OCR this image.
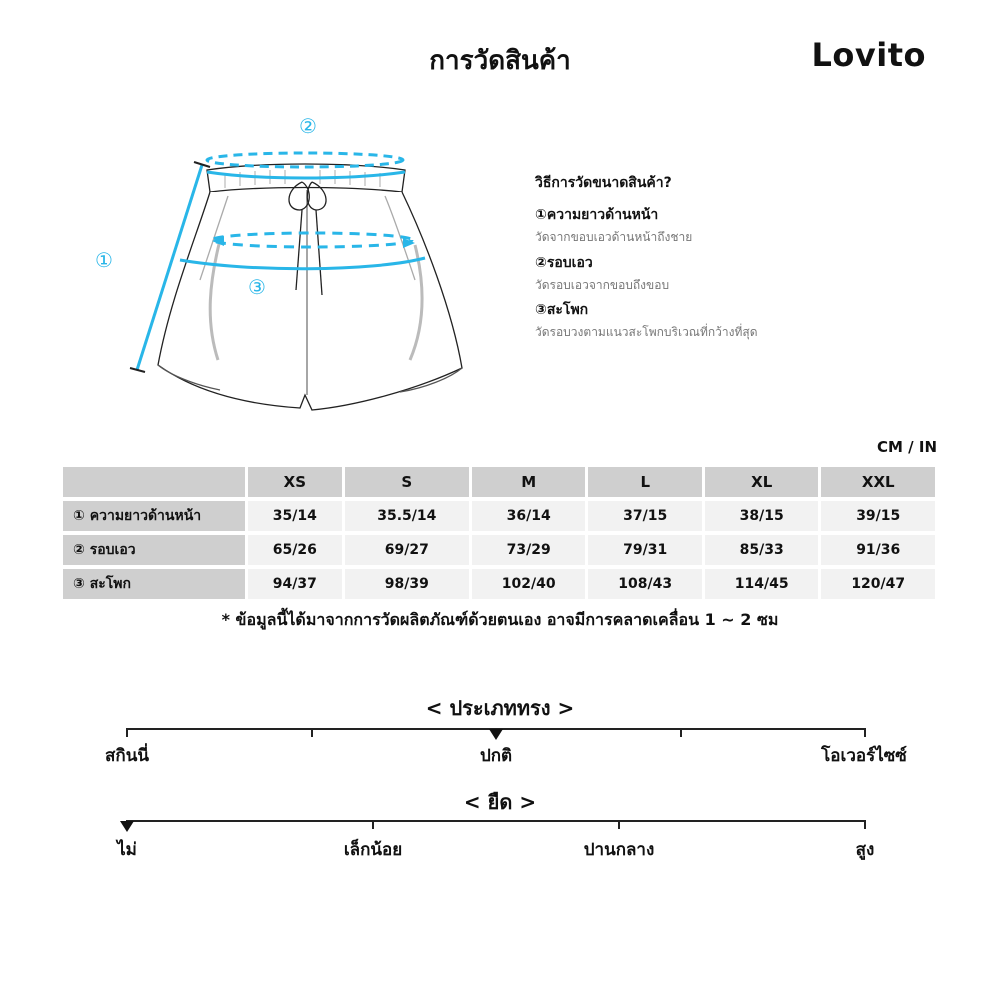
การวัดสินค้า	Lovito
②
①
③
วิธีการวัดขนาดสินค้า?
①ความยาวด้านหน้า
วัดจากขอบเอวด้านหน้าถึงชาย
②รอบเอว
วัดรอบเอวจากขอบถึงขอบ
③สะโพก
วัดรอบวงตามแนวสะโพกบริเวณที่กว้างที่สุด
CM / IN
	XS	S	M	L	XL	XXL
① ความยาวด้านหน้า	35/14	35.5/14	36/14	37/15	38/15	39/15
② รอบเอว	65/26	69/27	73/29	79/31	85/33	91/36
③ สะโพก	94/37	98/39	102/40	108/43	114/45	120/47
* ข้อมูลนี้ได้มาจากการวัดผลิตภัณฑ์ด้วยตนเอง อาจมีการคลาดเคลื่อน 1 ~ 2 ซม
< ประเภททรง >
สกินนี่	ปกติ	โอเวอร์ไซซ์
< ยืด >
ไม่	เล็กน้อย	ปานกลาง	สูง
